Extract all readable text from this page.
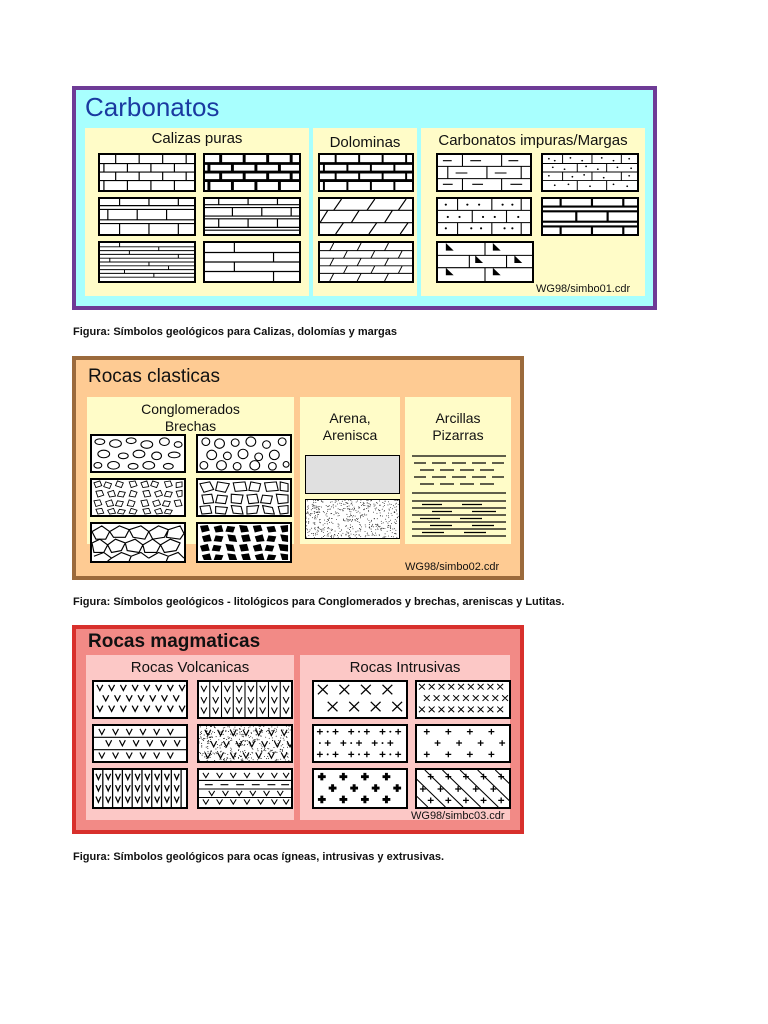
Carbonatos
Calizas puras	Dolominas	Carbonatos impuras/Margas
WG98/simbo01.cdr
Figura: Símbolos geológicos para Calizas, dolomías y margas
Rocas clasticas
Conglomerados
Brechas	Arena,
Arenisca
Arcillas
Pizarras
WG98/simbo02.cdr
Figura: Símbolos geológicos - litológicos para Conglomerados y brechas, areniscas y Lutitas.
Rocas magmaticas
Rocas Volcanicas	Rocas Intrusivas
WG98/simbc03.cdr
Figura: Símbolos geológicos para ocas ígneas, intrusivas y extrusivas.
